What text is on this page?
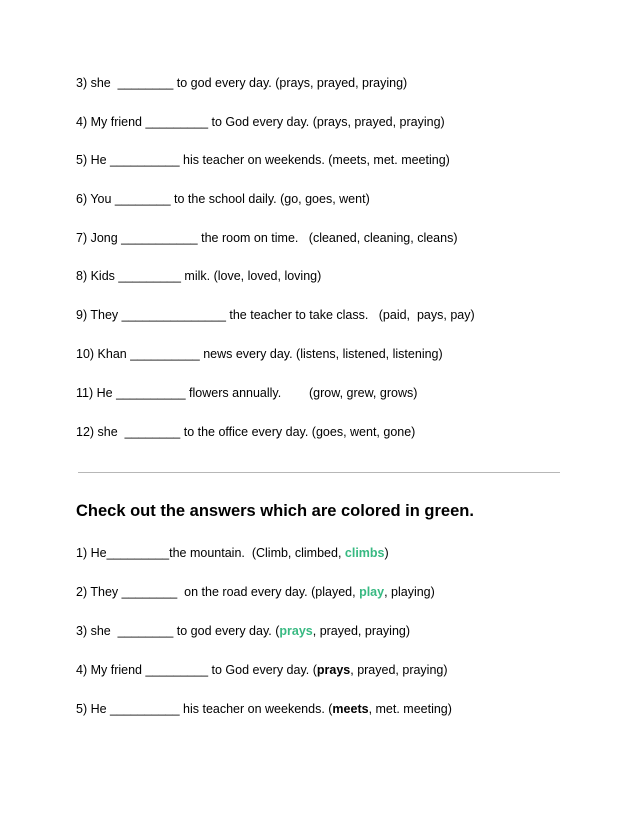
3) she  ________ to god every day. (prays, prayed, praying)
4) My friend _________ to God every day. (prays, prayed, praying)
5) He __________ his teacher on weekends. (meets, met. meeting)
6) You ________ to the school daily. (go, goes, went)
7) Jong ___________ the room on time.   (cleaned, cleaning, cleans)
8) Kids _________ milk. (love, loved, loving)
9) They _______________ the teacher to take class.   (paid,  pays, pay)
10) Khan __________ news every day. (listens, listened, listening)
11) He __________ flowers annually.        (grow, grew, grows)
12) she  ________ to the office every day. (goes, went, gone)
Check out the answers which are colored in green.
1) He_________the mountain.  (Climb, climbed, climbs)
2) They ________  on the road every day. (played, play, playing)
3) she  ________ to god every day. (prays, prayed, praying)
4) My friend _________ to God every day. (prays, prayed, praying)
5) He __________ his teacher on weekends. (meets, met. meeting)
